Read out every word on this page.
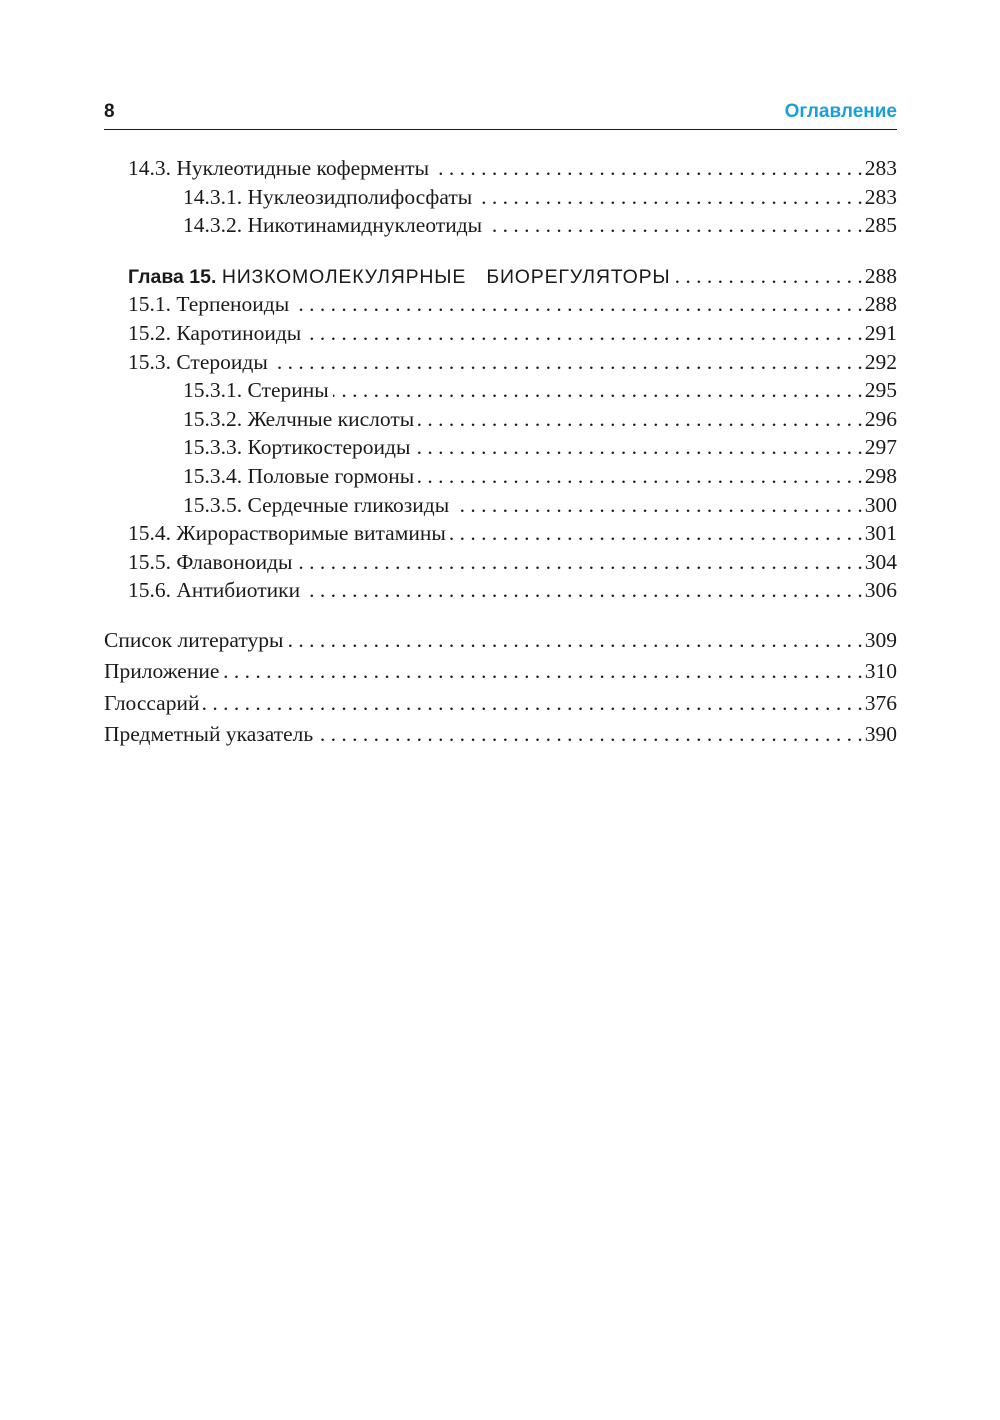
8	Оглавление
14.3. Нуклеотидные коферменты . . .	283
14.3.1. Нуклеозидполифосфаты . . .	283
14.3.2. Никотинамиднуклеотиды . . .	285
Глава 15. НИЗКОМОЛЕКУЛЯРНЫЕ БИОРЕГУЛЯТОРЫ . . .	288
15.1. Терпеноиды . . .	288
15.2. Каротиноиды . . .	291
15.3. Стероиды . . .	292
15.3.1. Стерины . . .	295
15.3.2. Желчные кислоты . . .	296
15.3.3. Кортикостероиды . . .	297
15.3.4. Половые гормоны . . .	298
15.3.5. Сердечные гликозиды . . .	300
15.4. Жирорастворимые витамины . . .	301
15.5. Флавоноиды . . .	304
15.6. Антибиотики . . .	306
Список литературы . . .	309
Приложение . . .	310
Глоссарий . . .	376
Предметный указатель . . .	390
